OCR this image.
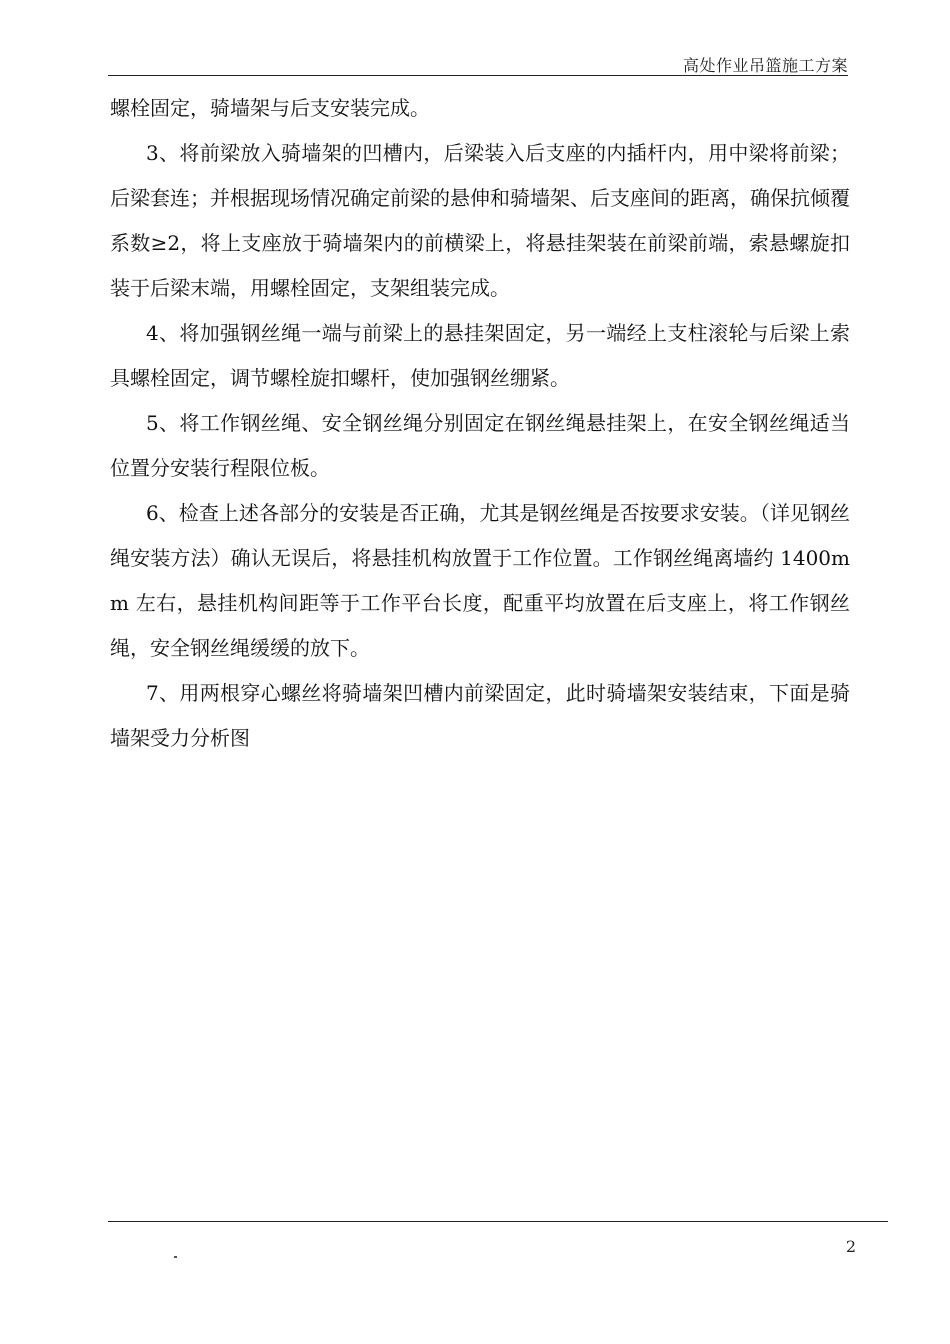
高处作业吊篮施工方案

螺栓固定，骑墙架与后支安装完成。

3、将前梁放入骑墙架的凹槽内，后梁装入后支座的内插杆内，用中梁将前梁；后梁套连；并根据现场情况确定前梁的悬伸和骑墙架、后支座间的距离，确保抗倾覆系数≥2，将上支座放于骑墙架内的前横梁上，将悬挂架装在前梁前端，索悬螺旋扣装于后梁末端，用螺栓固定，支架组装完成。

4、将加强钢丝绳一端与前梁上的悬挂架固定，另一端经上支柱滚轮与后梁上索具螺栓固定，调节螺栓旋扣螺杆，使加强钢丝绷紧。

5、将工作钢丝绳、安全钢丝绳分别固定在钢丝绳悬挂架上，在安全钢丝绳适当位置分安装行程限位板。

6、检查上述各部分的安装是否正确，尤其是钢丝绳是否按要求安装。（详见钢丝绳安装方法）确认无误后，将悬挂机构放置于工作位置。工作钢丝绳离墙约 1400mm 左右，悬挂机构间距等于工作平台长度，配重平均放置在后支座上，将工作钢丝绳，安全钢丝绳缓缓的放下。

7、用两根穿心螺丝将骑墙架凹槽内前梁固定，此时骑墙架安装结束，下面是骑墙架受力分析图

2
